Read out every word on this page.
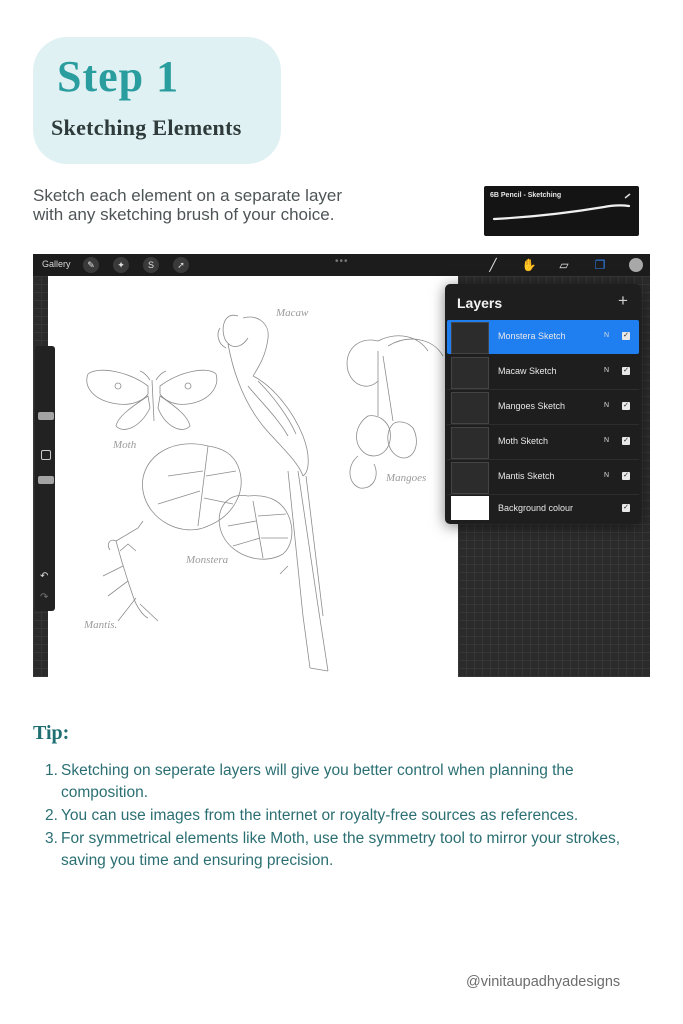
Step 1
Sketching Elements
Sketch each element on a separate layer
with any sketching brush of your choice.
6B Pencil - Sketching
Gallery	✎	✦	S	➚	•••	╱	✋ ▱ ❐
Macaw
Moth
Mangoes
Monstera
Mantis.
↶
↷
Layers	+
Monstera Sketch	N ✓
Macaw Sketch	N ✓
Mangoes Sketch	N ✓
Moth Sketch	N ✓
Mantis Sketch	N ✓
Background colour	✓
Tip:
1. Sketching on seperate layers will give you better control when planning the composition.
2. You can use images from the internet or royalty-free sources as references.
3. For symmetrical elements like Moth, use the symmetry tool to mirror your strokes, saving you time and ensuring precision.
@vinitaupadhyadesigns
